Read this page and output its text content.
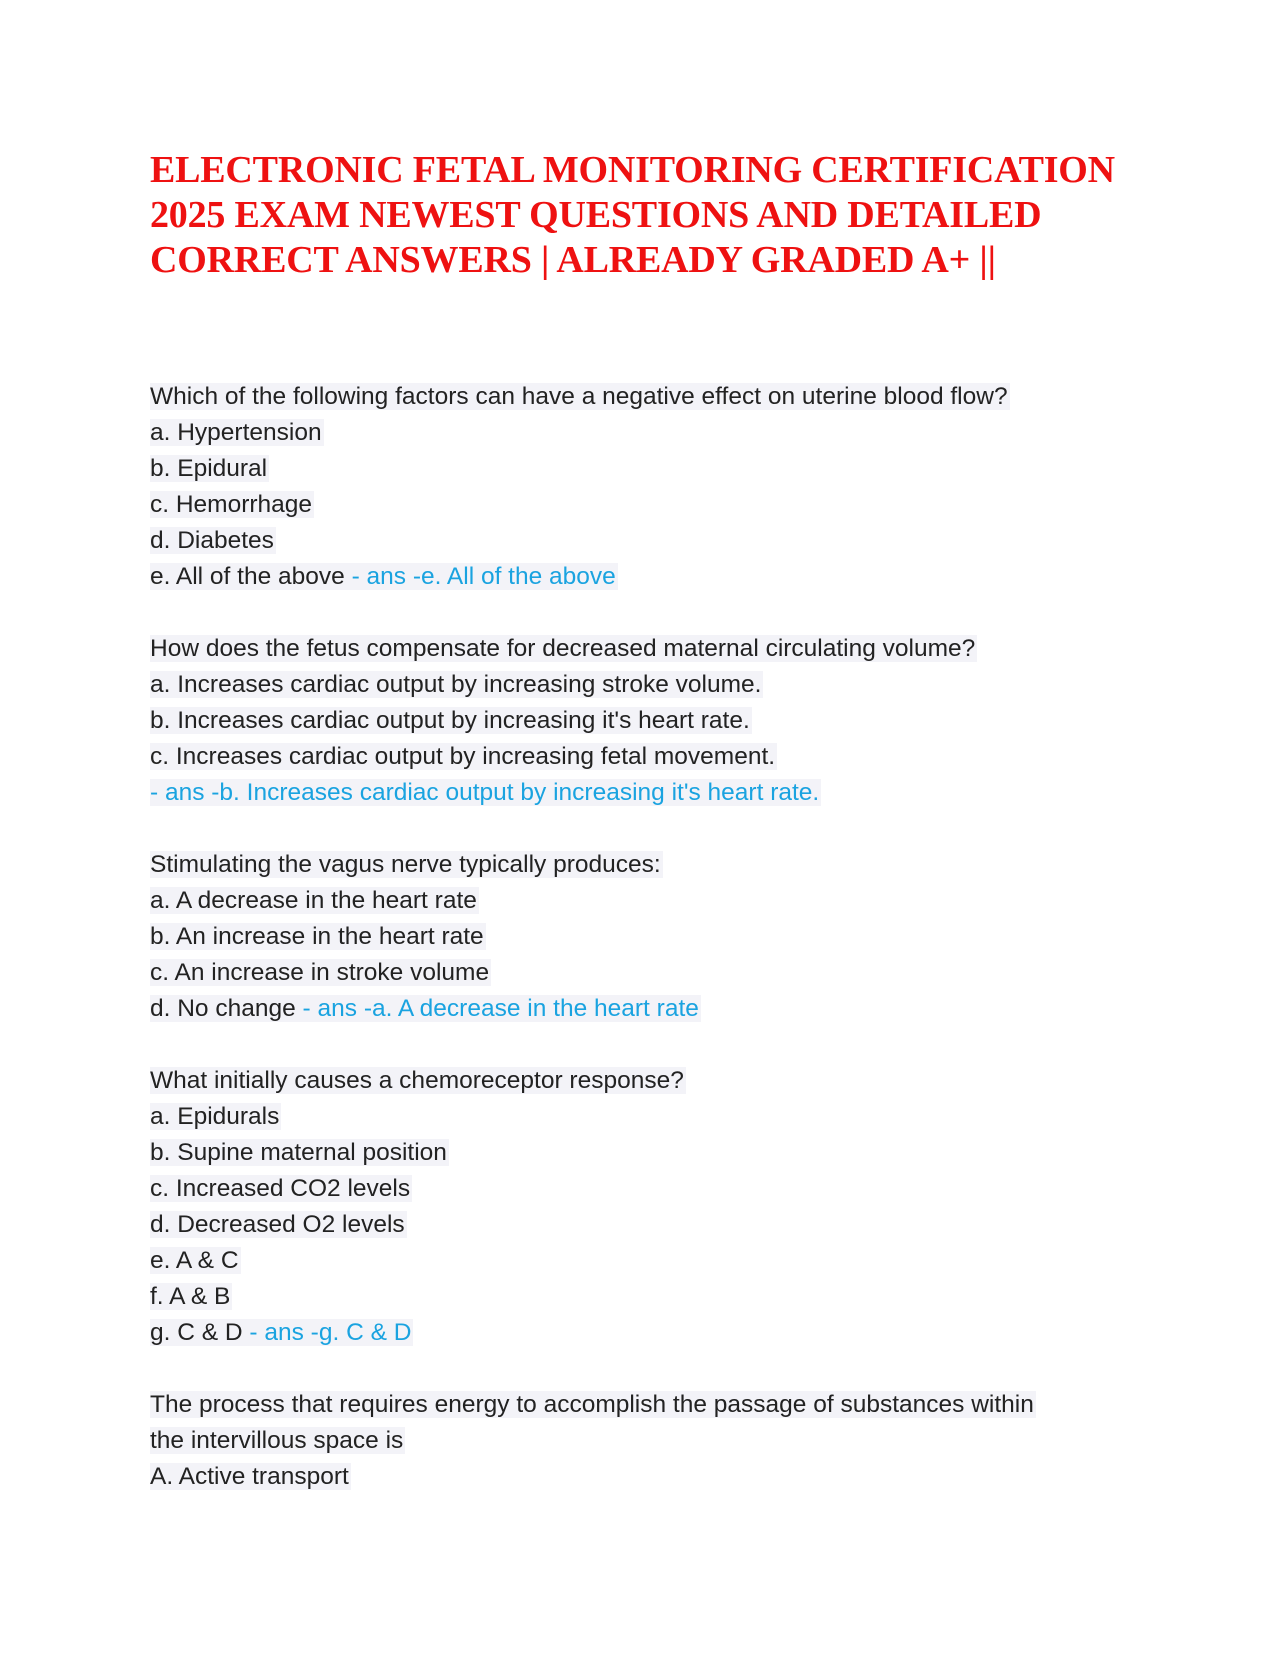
ELECTRONIC FETAL MONITORING CERTIFICATION 2025 EXAM NEWEST QUESTIONS AND DETAILED CORRECT ANSWERS | ALREADY GRADED A+ ||
Which of the following factors can have a negative effect on uterine blood flow?
a. Hypertension
b. Epidural
c. Hemorrhage
d. Diabetes
e. All of the above - ans -e. All of the above
How does the fetus compensate for decreased maternal circulating volume?
a. Increases cardiac output by increasing stroke volume.
b. Increases cardiac output by increasing it's heart rate.
c. Increases cardiac output by increasing fetal movement.
- ans -b. Increases cardiac output by increasing it's heart rate.
Stimulating the vagus nerve typically produces:
a. A decrease in the heart rate
b. An increase in the heart rate
c. An increase in stroke volume
d. No change - ans -a. A decrease in the heart rate
What initially causes a chemoreceptor response?
a. Epidurals
b. Supine maternal position
c. Increased CO2 levels
d. Decreased O2 levels
e. A & C
f. A & B
g. C & D - ans -g. C & D
The process that requires energy to accomplish the passage of substances within
the intervillous space is
A. Active transport
